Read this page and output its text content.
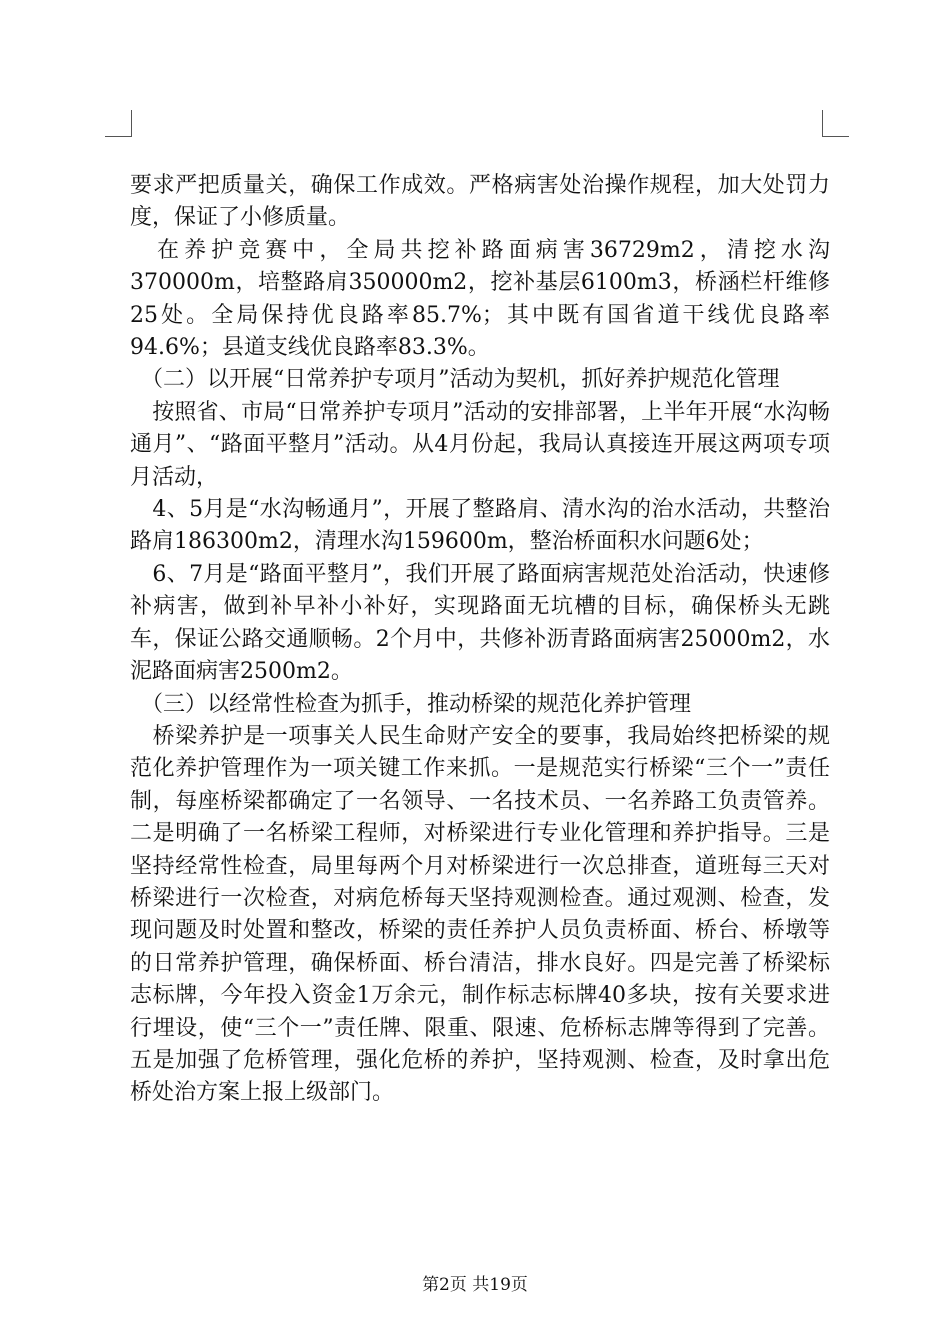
要求严把质量关，确保工作成效。严格病害处治操作规程，加大处罚力度，保证了小修质量。

　在养护竞赛中，全局共挖补路面病害36729m2，清挖水沟370000m，培整路肩350000m2，挖补基层6100m3，桥涵栏杆维修25处。全局保持优良路率85.7%；其中既有国省道干线优良路率94.6%；县道支线优良路率83.3%。

　（二）以开展“日常养护专项月”活动为契机，抓好养护规范化管理

　按照省、市局“日常养护专项月”活动的安排部署，上半年开展“水沟畅通月”、“路面平整月”活动。从4月份起，我局认真接连开展这两项专项月活动，

　4、5月是“水沟畅通月”，开展了整路肩、清水沟的治水活动，共整治路肩186300m2，清理水沟159600m，整治桥面积水问题6处；

　6、7月是“路面平整月”，我们开展了路面病害规范处治活动，快速修补病害，做到补早补小补好，实现路面无坑槽的目标，确保桥头无跳车，保证公路交通顺畅。2个月中，共修补沥青路面病害25000m2，水泥路面病害2500m2。

　（三）以经常性检查为抓手，推动桥梁的规范化养护管理

　桥梁养护是一项事关人民生命财产安全的要事，我局始终把桥梁的规范化养护管理作为一项关键工作来抓。一是规范实行桥梁“三个一”责任制，每座桥梁都确定了一名领导、一名技术员、一名养路工负责管养。二是明确了一名桥梁工程师，对桥梁进行专业化管理和养护指导。三是坚持经常性检查，局里每两个月对桥梁进行一次总排查，道班每三天对桥梁进行一次检查，对病危桥每天坚持观测检查。通过观测、检查，发现问题及时处置和整改，桥梁的责任养护人员负责桥面、桥台、桥墩等的日常养护管理，确保桥面、桥台清洁，排水良好。四是完善了桥梁标志标牌，今年投入资金1万余元，制作标志标牌40多块，按有关要求进行埋设，使“三个一”责任牌、限重、限速、危桥标志牌等得到了完善。五是加强了危桥管理，强化危桥的养护，坚持观测、检查，及时拿出危桥处治方案上报上级部门。

第2页 共19页
